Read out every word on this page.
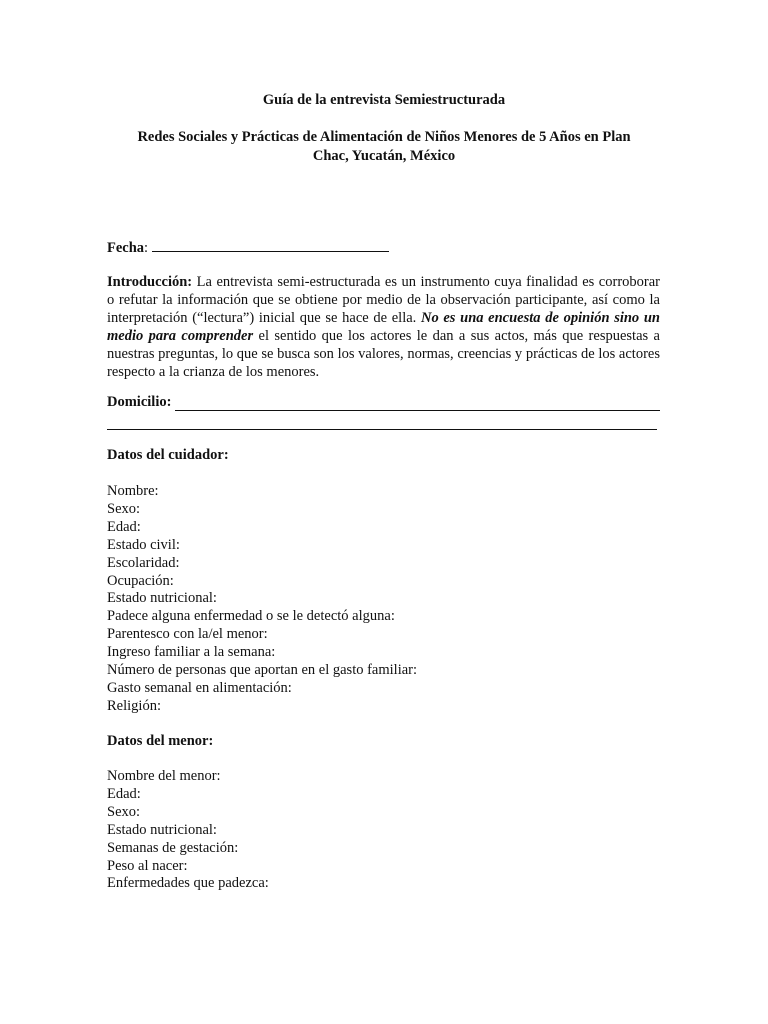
Guía de la entrevista Semiestructurada
Redes Sociales y Prácticas de Alimentación de Niños Menores de 5 Años en Plan
Chac, Yucatán, México
Fecha:
Introducción: La entrevista semi-estructurada es un instrumento cuya finalidad es corroborar o refutar la información que se obtiene por medio de la observación participante, así como la interpretación (“lectura”) inicial que se hace de ella. No es una encuesta de opinión sino un medio para comprender el sentido que los actores le dan a sus actos, más que respuestas a nuestras preguntas, lo que se busca son los valores, normas, creencias y prácticas de los actores respecto a la crianza de los menores.
Domicilio:
Datos del cuidador:
Nombre:
Sexo:
Edad:
Estado civil:
Escolaridad:
Ocupación:
Estado nutricional:
Padece alguna enfermedad o se le detectó alguna:
Parentesco con la/el menor:
Ingreso familiar a la semana:
Número de personas que aportan en el gasto familiar:
Gasto semanal en alimentación:
Religión:
Datos del menor:
Nombre del menor:
Edad:
Sexo:
Estado nutricional:
Semanas de gestación:
Peso al nacer:
Enfermedades que padezca:
